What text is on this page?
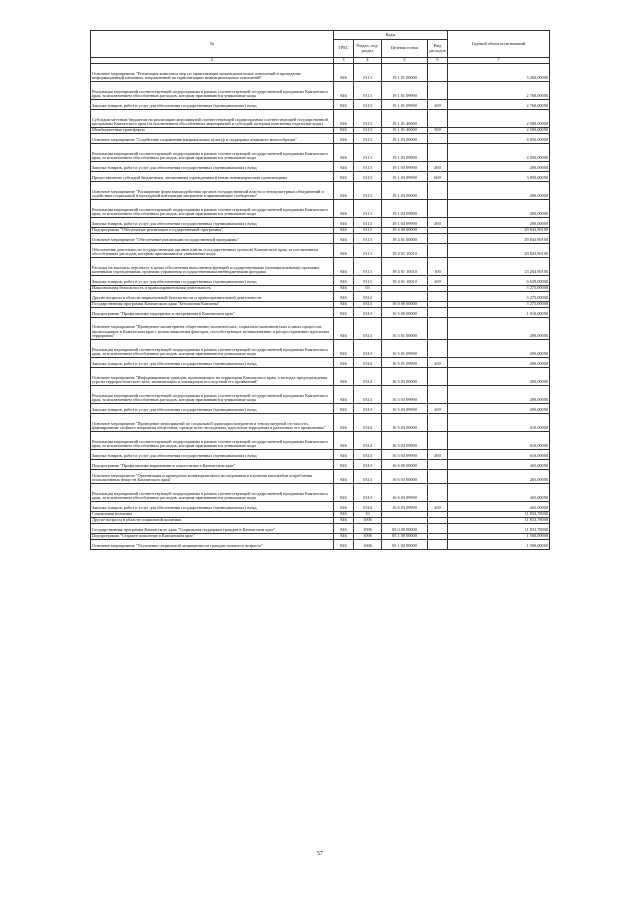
№	Коды				Годовой объем ассигнований
	ГРБС	Раздел, под- раздел	Целевая статья	Вид расходов	
2	3	4	5	6	7
Основное мероприятие "Реализация комплекса мер по гармонизации межнациональных отношений и проведение информационной кампании, направленной на гармонизацию межнациональных отношений"	846	0113	19 1 01 00000		5 260,00000
Реализация мероприятий соответствующей подпрограммы в рамках соответствующей государственной программы Камчатского края, за исключением обособленных расходов, которым присваиваются уникальные коды	846	0113	19 1 01 09990		2 760,00000
Закупка товаров, работ и услуг для обеспечения государственных (муниципальных) нужд	846	0113	19 1 01 09990	200	2 760,00000
Субсидии местным бюджетам на реализацию мероприятий соответствующей подпрограммы соответствующей государственной программы Камчатского края (за исключением обособленных мероприятий и субсидий, которым присвоены отдельные коды)	846	0113	19 1 01 40060		2 500,00000
Межбюджетные трансферты	846	0113	19 1 01 40060	500	2 500,00000
Основное мероприятие "Содействие сохранению национальных культур и поддержка языкового многообразия"	846	0113	19 1 03 00000		4 050,00000
Реализация мероприятий соответствующей подпрограммы в рамках соответствующей государственной программы Камчатского края, за исключением обособленных расходов, которым присваиваются уникальные коды	846	0113	19 1 03 09990		4 050,00000
Закупка товаров, работ и услуг для обеспечения государственных (муниципальных) нужд	846	0113	19 1 03 09990	200	200,00000
Предоставление субсидий бюджетным, автономным учреждениям и иным некоммерческим организациям	846	0113	19 1 03 09990	600	3 850,00000
Основное мероприятие "Расширение форм взаимодействия органов государственной власти и этнокультурных объединений и содействие социальной и культурной интеграции мигрантов в принимающее сообщество"	846	0113	19 1 04 00000		200,00000
Реализация мероприятий соответствующей подпрограммы в рамках соответствующей государственной программы Камчатского края, за исключением обособленных расходов, которым присваиваются уникальные коды	846	0113	19 1 04 09990		200,00000
Закупка товаров, работ и услуг для обеспечения государственных (муниципальных) нужд	846	0113	19 1 04 09990	200	200,00000
Подпрограмма "Обеспечение реализации государственной программы"	846	0113	19 4 00 00000		29 843,90100
Основное мероприятие "Обеспечение реализации государственной программы"	846	0113	19 4 01 00000		29 843,90100
Обеспечение деятельности государственных органов власти (государственных органов) Камчатского края, за исключением обособленных расходов, которым присваиваются уникальные коды	846	0113	19 4 01 10010		29 843,90100
Расходы на выплаты персоналу в целях обеспечения выполнения функций государственными (муниципальными) органами, казенными учреждениями, органами управления государственными внебюджетными фондами	846	0113	19 4 01 10010	100	23 204,90100
Закупка товаров, работ и услуг для обеспечения государственных (муниципальных) нужд	846	0113	19 4 01 10010	200	6 639,00000
Национальная безопасность и правоохранительная деятельность	846	03			3 275,00000
Другие вопросы в области национальной безопасности и правоохранительной деятельности	846	0314			3 275,00000
Государственная программа Камчатского края "Безопасная Камчатка"	846	0314	16 0 00 00000		3 275,00000
Подпрограмма "Профилактика терроризма и экстремизма в Камчатском крае"	846	0314	16 5 00 00000		1 010,00000
Основное мероприятие "Проведение мониторинга общественно-политических, социально-экономических и иных процессов, происходящих в Камчатском крае с целью выявления факторов, способствующих возникновению и распространению идеологии терроризма"	846	0314	16 5 01 00000		200,00000
Реализация мероприятий соответствующей подпрограммы в рамках соответствующей государственной программы Камчатского края, за исключением обособленных расходов, которым присваиваются уникальные коды	846	0314	16 5 01 09990		200,00000
Закупка товаров, работ и услуг для обеспечения государственных (муниципальных) нужд	846	0314	16 5 01 09990	200	200,00000
Основное мероприятие "Информирование граждан, проживающих на территории Камчатского края, о методах предупреждения угрозы террористического акта, минимизации и ликвидации последствий его проявлений"	846	0314	16 5 03 00000		200,00000
Реализация мероприятий соответствующей подпрограммы в рамках соответствующей государственной программы Камчатского края, за исключением обособленных расходов, которым присваиваются уникальные коды	846	0314	16 5 03 09990		200,00000
Закупка товаров, работ и услуг для обеспечения государственных (муниципальных) нужд	846	0314	16 5 03 09990	200	200,00000
Основное мероприятие "Проведение мероприятий по социальной адаптации мигрантов и этнокультурной отсталости, формирование стойкого неприятия обществом, прежде всего молодежью, идеологии терроризма в различных его проявлениях"	846	0314	16 5 04 00000		610,00000
Реализация мероприятий соответствующей подпрограммы в рамках соответствующей государственной программы Камчатского края, за исключением обособленных расходов, которым присваиваются уникальные коды	846	0314	16 5 04 09990		610,00000
Закупка товаров, работ и услуг для обеспечения государственных (муниципальных) нужд	846	0314	16 5 04 09990	200	610,00000
Подпрограмма "Профилактика наркомании и алкоголизма в Камчатском крае"	846	0314	16 6 00 00000		265,00000
Основное мероприятие "Организация и проведение мониторингового исследования и изучения масштабов потребления психоактивных веществ Камчатского края"	846	0314	16 6 03 00000		265,00000
Реализация мероприятий соответствующей подпрограммы в рамках соответствующей государственной программы Камчатского края, за исключением обособленных расходов, которым присваиваются уникальные коды	846	0314	16 6 03 09990		265,00000
Закупка товаров, работ и услуг для обеспечения государственных (муниципальных) нужд	846	0314	16 6 03 09990	200	265,00000
Социальная политика	846	10			11 833,78000
Другие вопросы в области социальной политики	846	1006			11 833,78000
Государственная программа Камчатского края "Социальная поддержка граждан в Камчатском крае"	846	1006	05 0 00 00000		11 833,78000
Подпрограмма "Старшее поколение в Камчатском крае"	846	1006	05 1 00 00000		1 500,00000
Основное мероприятие "Улучшение социальной защищенности граждан пожилого возраста"	846	1006	05 1 02 00000		1 500,00000
57
